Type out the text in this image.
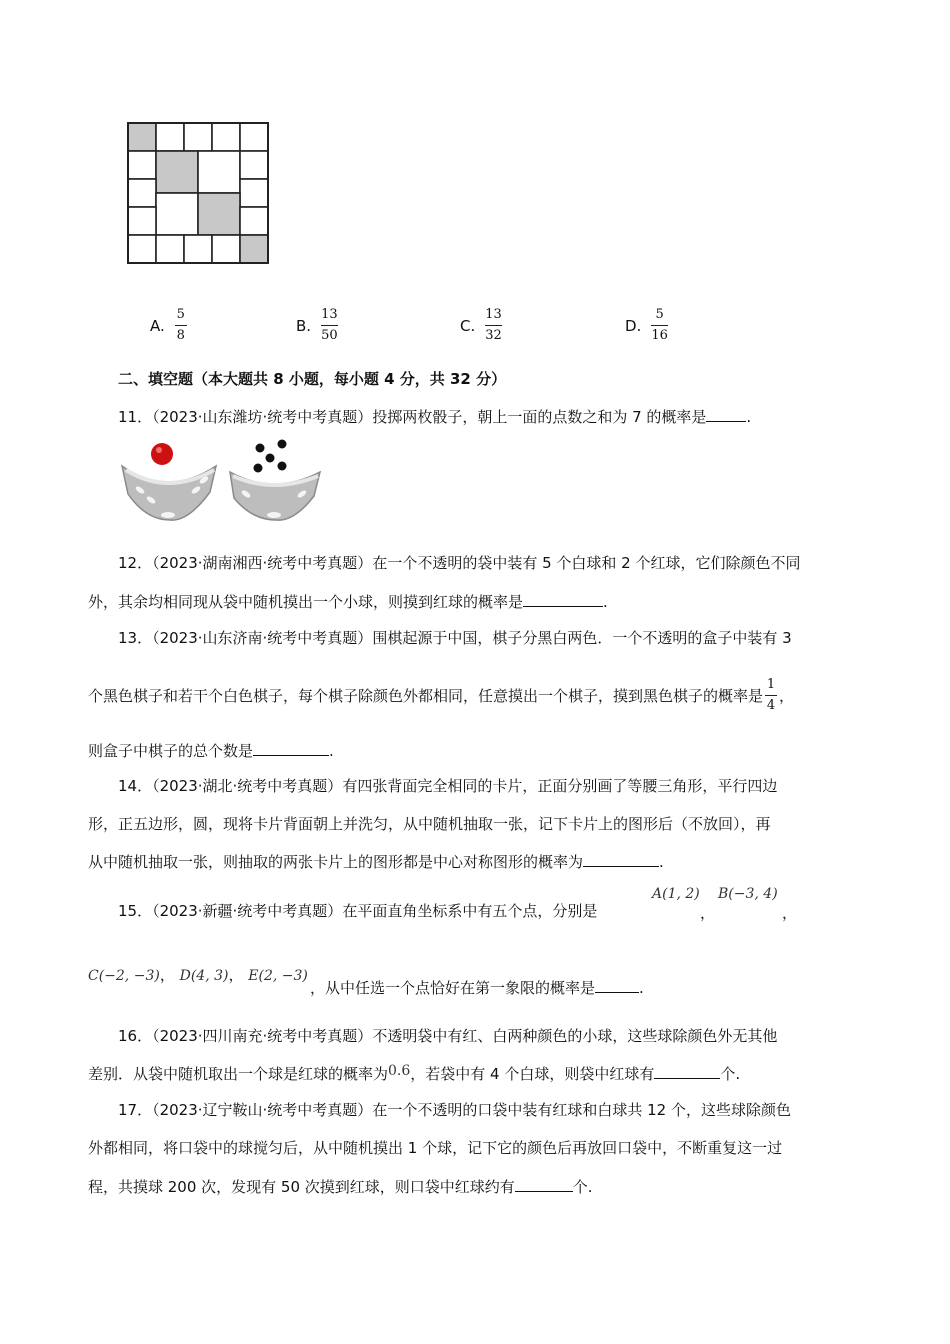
A. $\frac{5}{8}$	B. $\frac{13}{50}$	C. $\frac{13}{32}$	D. $\frac{5}{16}$
二、填空题（本大题共 8 小题，每小题 4 分，共 32 分）
11．（2023·山东潍坊·统考中考真题）投掷两枚骰子，朝上一面的点数之和为 7 的概率是	.
12．（2023·湖南湘西·统考中考真题）在一个不透明的袋中装有 5 个白球和 2 个红球，它们除颜色不同
外，其余均相同现从袋中随机摸出一个小球，则摸到红球的概率是	.
13．（2023·山东济南·统考中考真题）围棋起源于中国，棋子分黑白两色．一个不透明的盒子中装有 3
个黑色棋子和若干个白色棋子，每个棋子除颜色外都相同，任意摸出一个棋子，摸到黑色棋子的概率是 $\frac{1}{4}$ ，
则盒子中棋子的总个数是	.
14．（2023·湖北·统考中考真题）有四张背面完全相同的卡片，正面分别画了等腰三角形，平行四边
形，正五边形，圆，现将卡片背面朝上并洗匀，从中随机抽取一张，记下卡片上的图形后（不放回），再
从中随机抽取一张，则抽取的两张卡片上的图形都是中心对称图形的概率为	.
15．（2023·新疆·统考中考真题）在平面直角坐标系中有五个点，分别是
A(1, 2)
，
B(−3, 4)
，
C(−2, −3)， D(4, 3)， E(2, −3)
，从中任选一个点恰好在第一象限的概率是	.
16．（2023·四川南充·统考中考真题）不透明袋中有红、白两种颜色的小球，这些球除颜色外无其他
差别．从袋中随机取出一个球是红球的概率为0.6，若袋中有 4 个白球，则袋中红球有	个.
17．（2023·辽宁鞍山·统考中考真题）在一个不透明的口袋中装有红球和白球共 12 个，这些球除颜色
外都相同，将口袋中的球搅匀后，从中随机摸出 1 个球，记下它的颜色后再放回口袋中，不断重复这一过
程，共摸球 200 次，发现有 50 次摸到红球，则口袋中红球约有	个.
